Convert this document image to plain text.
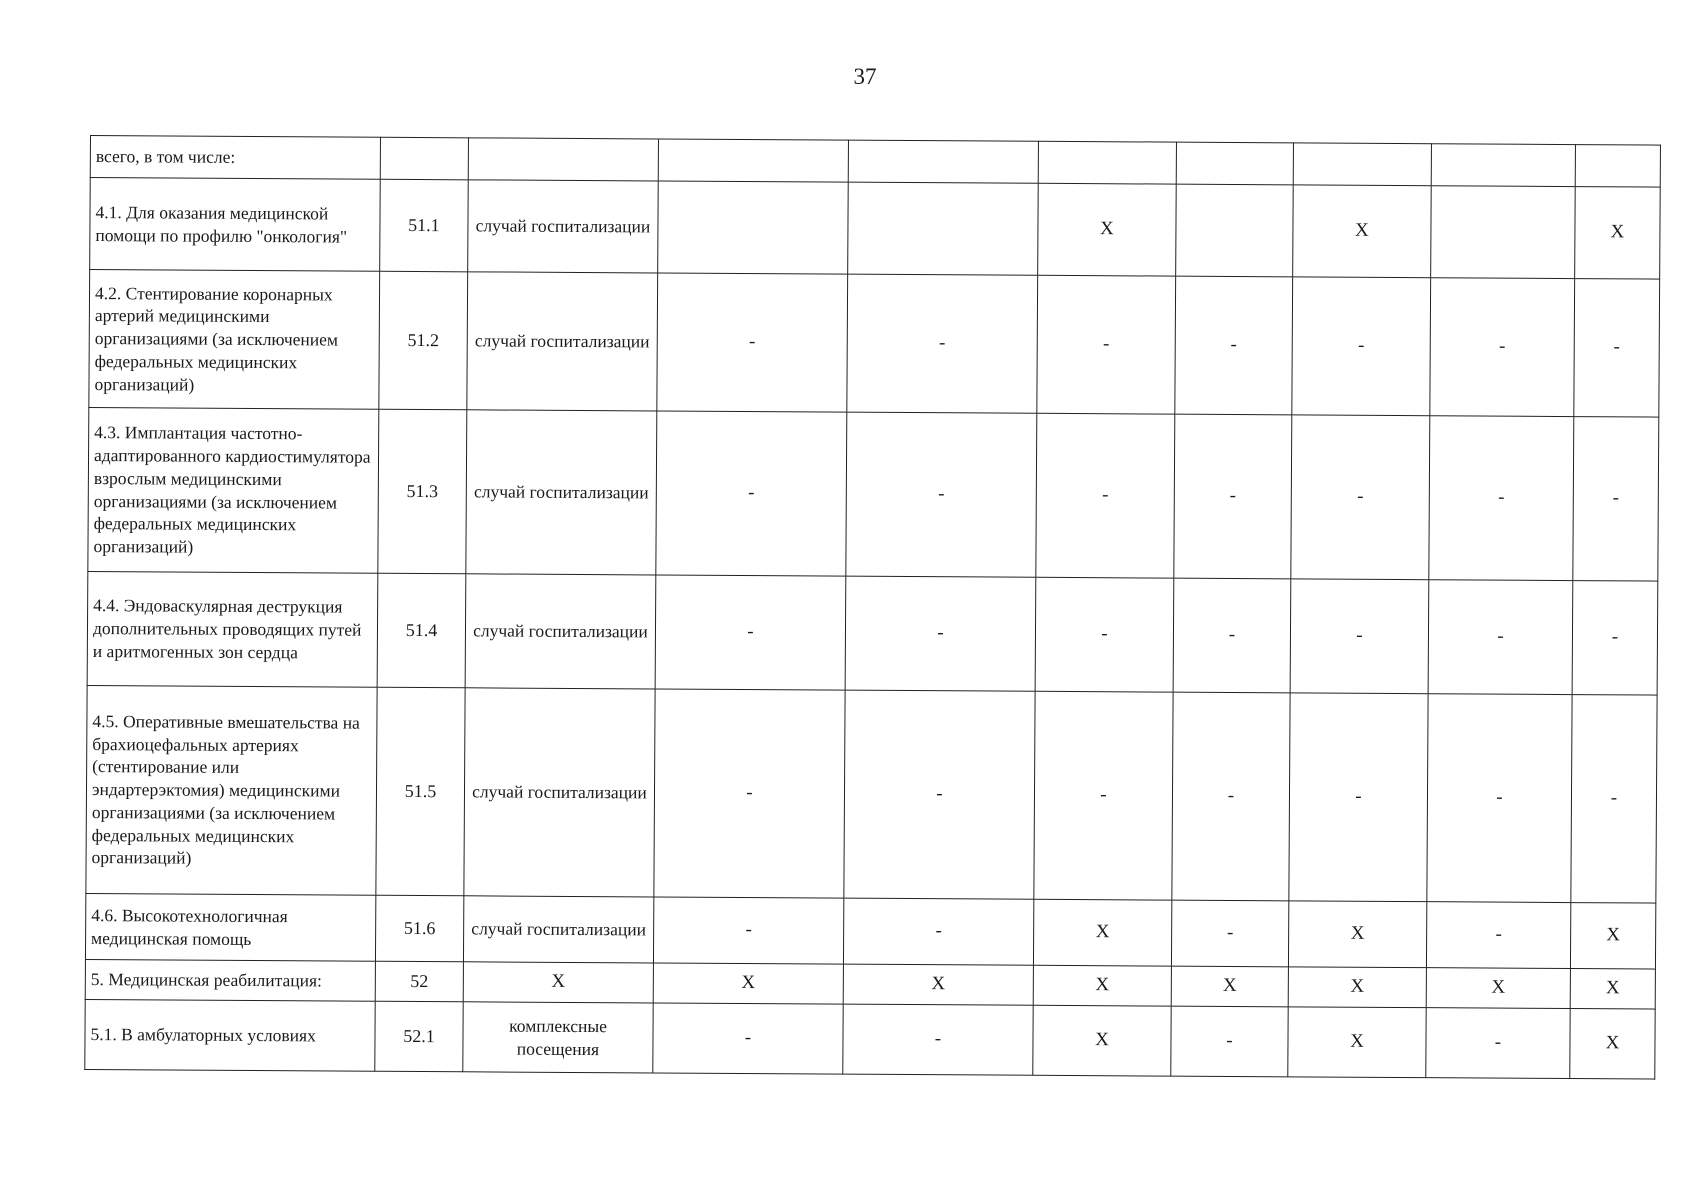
37
всего, в том числе:									
4.1. Для оказания медицинской помощи по профилю "онкология"	51.1	случай госпитализации			Х		Х		Х
4.2. Стентирование коронарных артерий медицинскими организациями (за исключением федеральных медицинских организаций)	51.2	случай госпитализации	-	-	-	-	-	-	-
4.3. Имплантация частотно-адаптированного кардиостимулятора взрослым медицинскими организациями (за исключением федеральных медицинских организаций)	51.3	случай госпитализации	-	-	-	-	-	-	-
4.4. Эндоваскулярная деструкция дополнительных проводящих путей и аритмогенных зон сердца	51.4	случай госпитализации	-	-	-	-	-	-	-
4.5. Оперативные вмешательства на брахиоцефальных артериях (стентирование или эндартерэктомия) медицинскими организациями (за исключением федеральных медицинских организаций)	51.5	случай госпитализации	-	-	-	-	-	-	-
4.6. Высокотехнологичная медицинская помощь	51.6	случай госпитализации	-	-	Х	-	Х	-	Х
5. Медицинская реабилитация:	52	Х	Х	Х	Х	Х	Х	Х	Х
5.1. В амбулаторных условиях	52.1	комплексные посещения	-	-	Х	-	Х	-	Х
